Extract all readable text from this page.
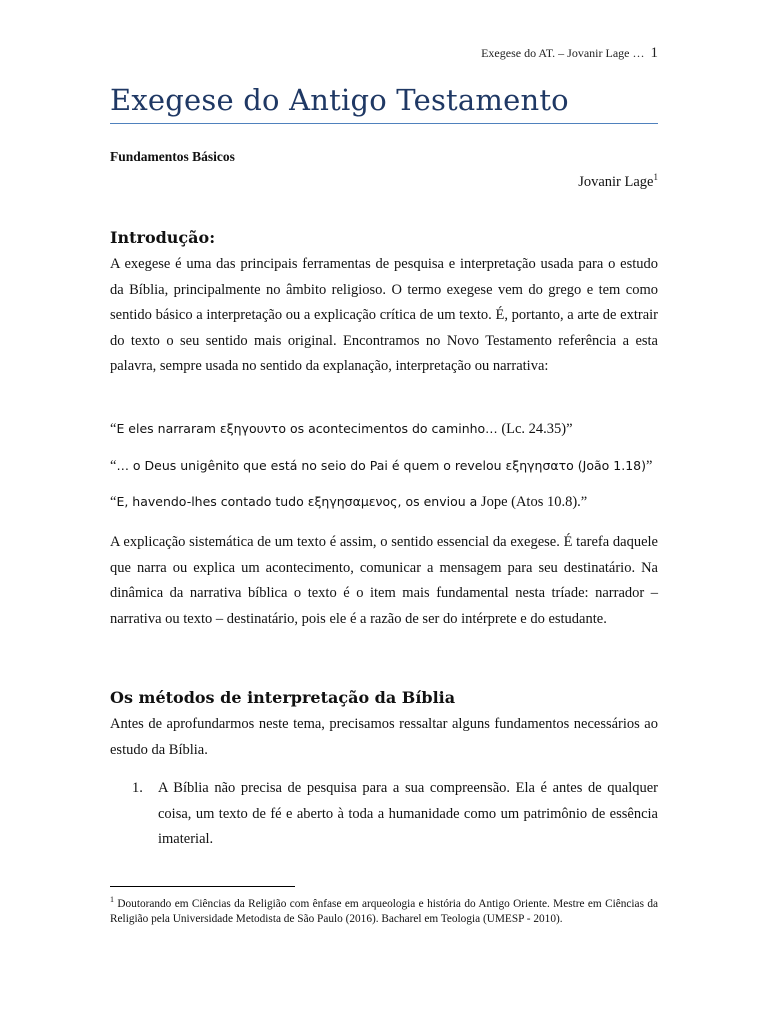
Exegese do AT. – Jovanir Lage … 1
Exegese do Antigo Testamento
Fundamentos Básicos
Jovanir Lage$^1$
Introdução:

A exegese é uma das principais ferramentas de pesquisa e interpretação usada para o estudo da Bíblia, principalmente no âmbito religioso. O termo exegese vem do grego e tem como sentido básico a interpretação ou a explicação crítica de um texto. É, portanto, a arte de extrair do texto o seu sentido mais original. Encontramos no Novo Testamento referência a esta palavra, sempre usada no sentido da explanação, interpretação ou narrativa:

“E eles narraram εξηγουντο os acontecimentos do caminho… (Lc. 24.35)”

“… o Deus unigênito que está no seio do Pai é quem o revelou εξηγησατο (João 1.18)”

“E, havendo-lhes contado tudo εξηγησαμενος, os enviou a Jope (Atos 10.8).”

A explicação sistemática de um texto é assim, o sentido essencial da exegese. É tarefa daquele que narra ou explica um acontecimento, comunicar a mensagem para seu destinatário. Na dinâmica da narrativa bíblica o texto é o item mais fundamental nesta tríade: narrador – narrativa ou texto – destinatário, pois ele é a razão de ser do intérprete e do estudante.

Os métodos de interpretação da Bíblia

Antes de aprofundarmos neste tema, precisamos ressaltar alguns fundamentos necessários ao estudo da Bíblia.

1. A Bíblia não precisa de pesquisa para a sua compreensão. Ela é antes de qualquer coisa, um texto de fé e aberto à toda a humanidade como um patrimônio de essência imaterial.

$^1$ Doutorando em Ciências da Religião com ênfase em arqueologia e história do Antigo Oriente. Mestre em Ciências da Religião pela Universidade Metodista de São Paulo (2016). Bacharel em Teologia (UMESP - 2010).
